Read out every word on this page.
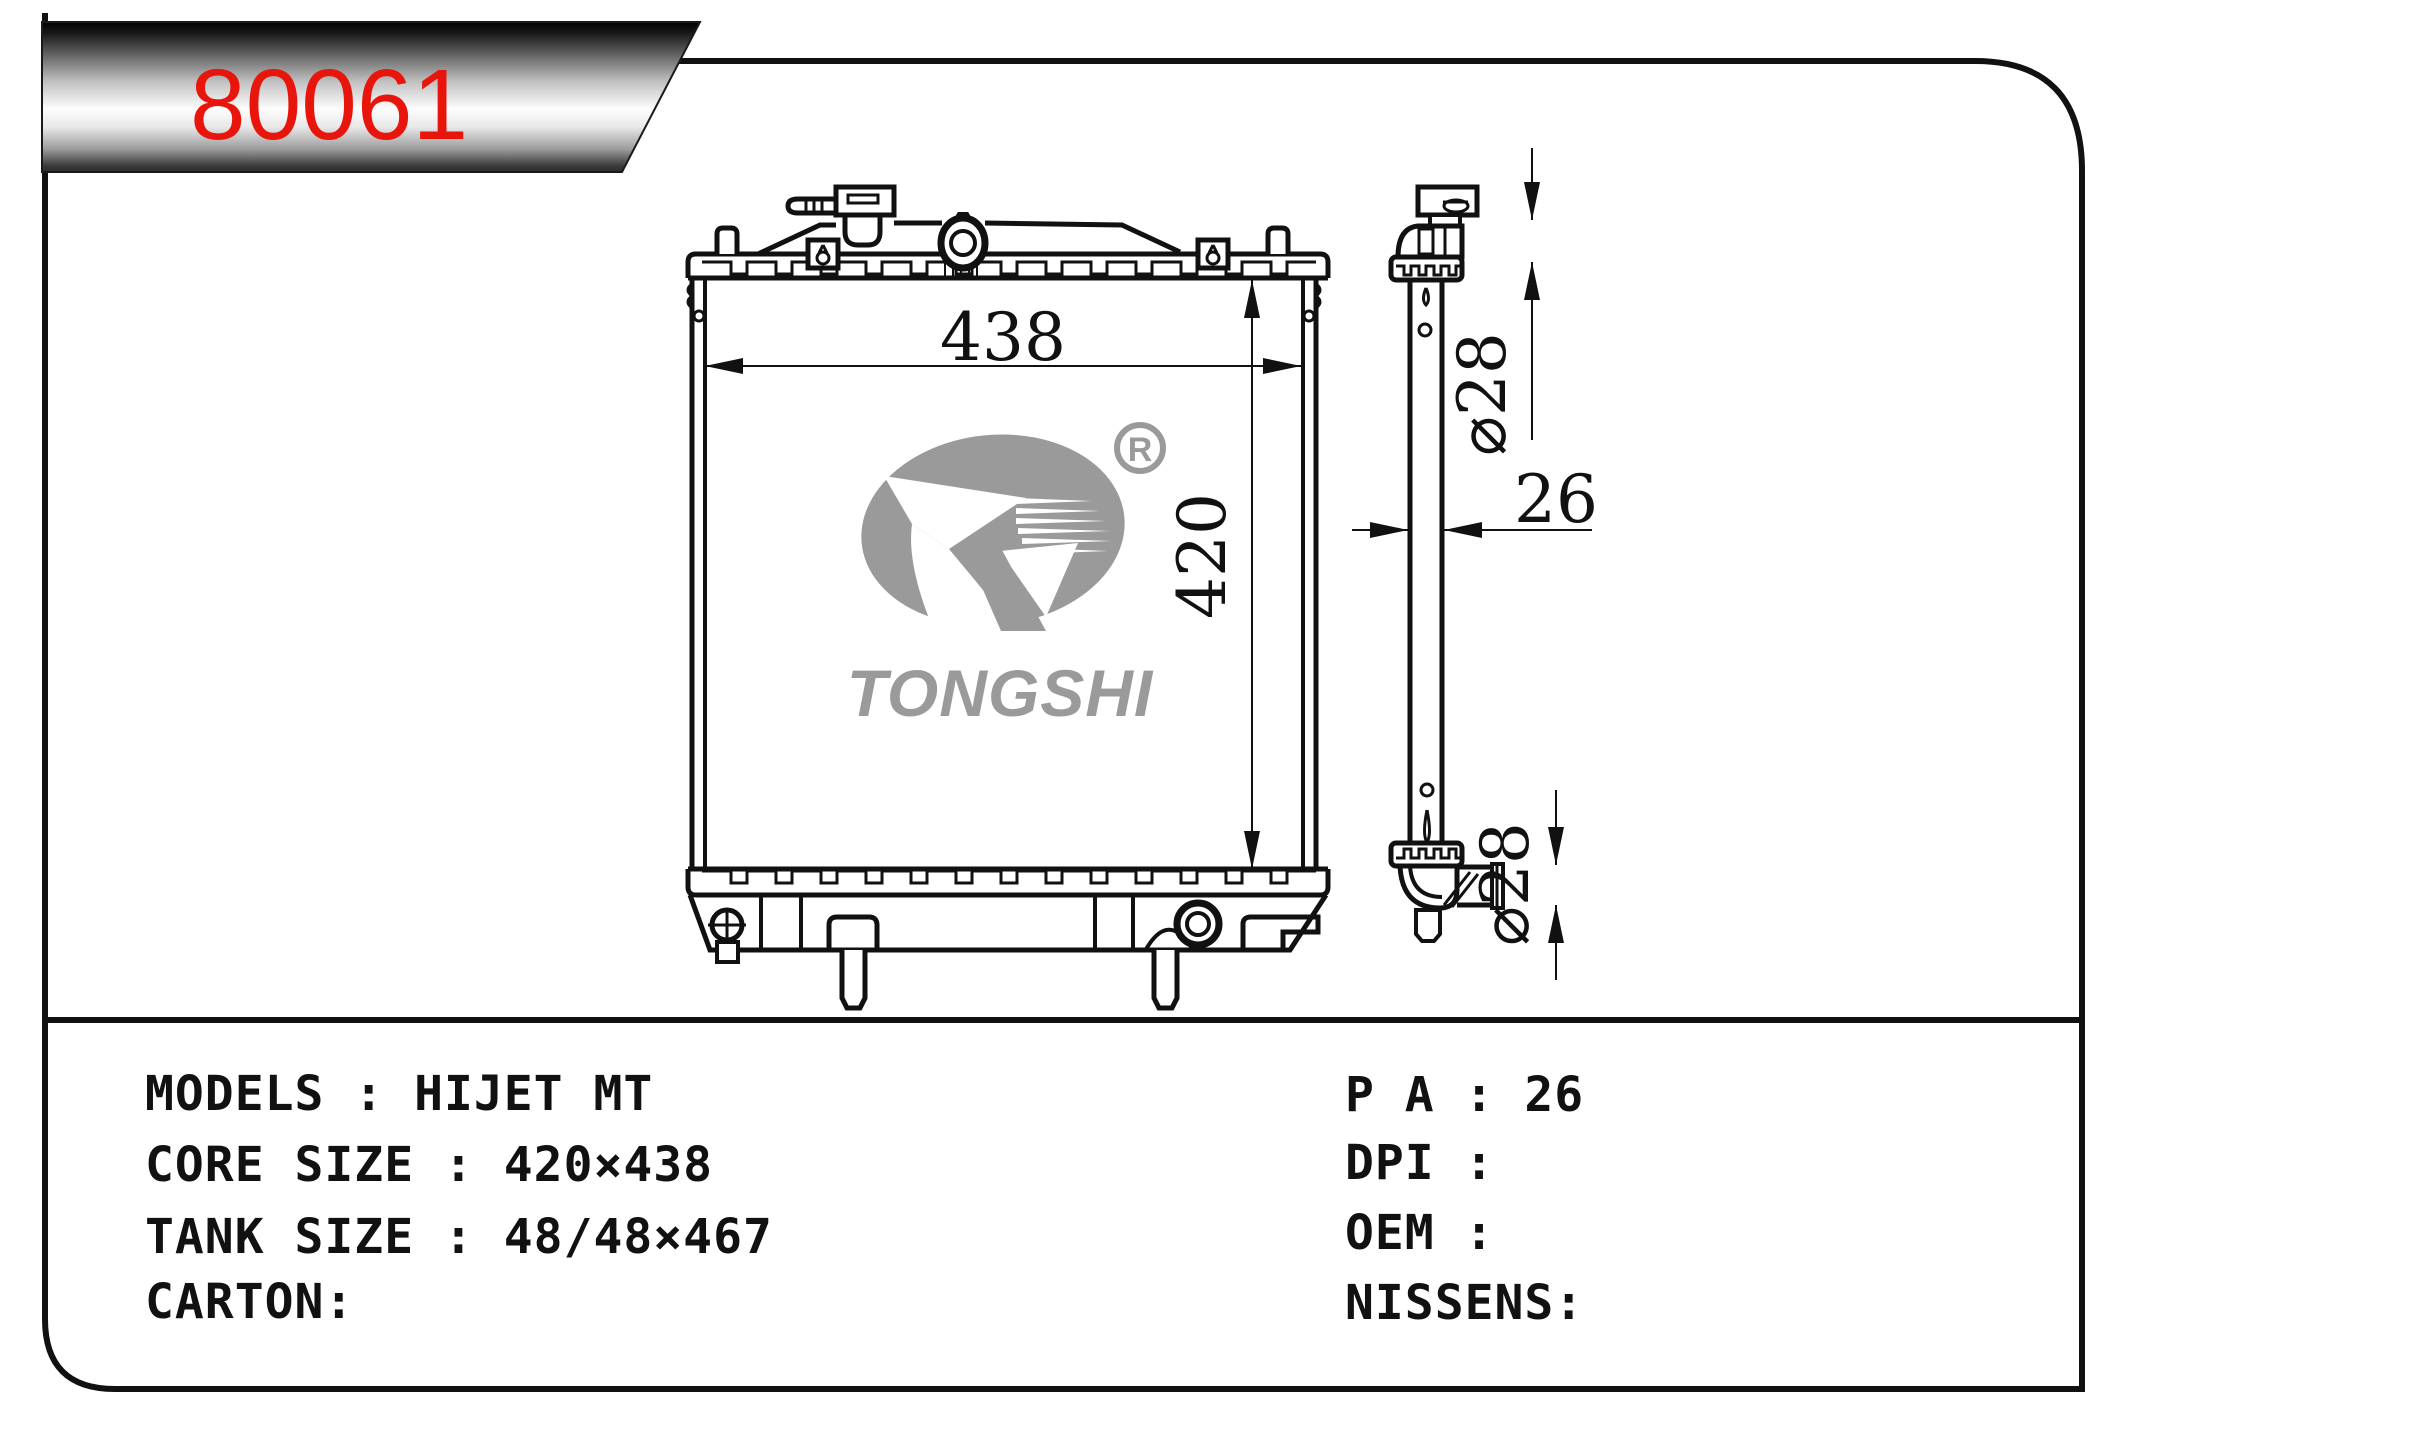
80061
R
TONGSHI
438
420
⌀28
26
⌀28
MODELS : HIJET MT
CORE SIZE : 420×438
TANK SIZE : 48/48×467
CARTON:
P A : 26
DPI :
OEM :
NISSENS:
